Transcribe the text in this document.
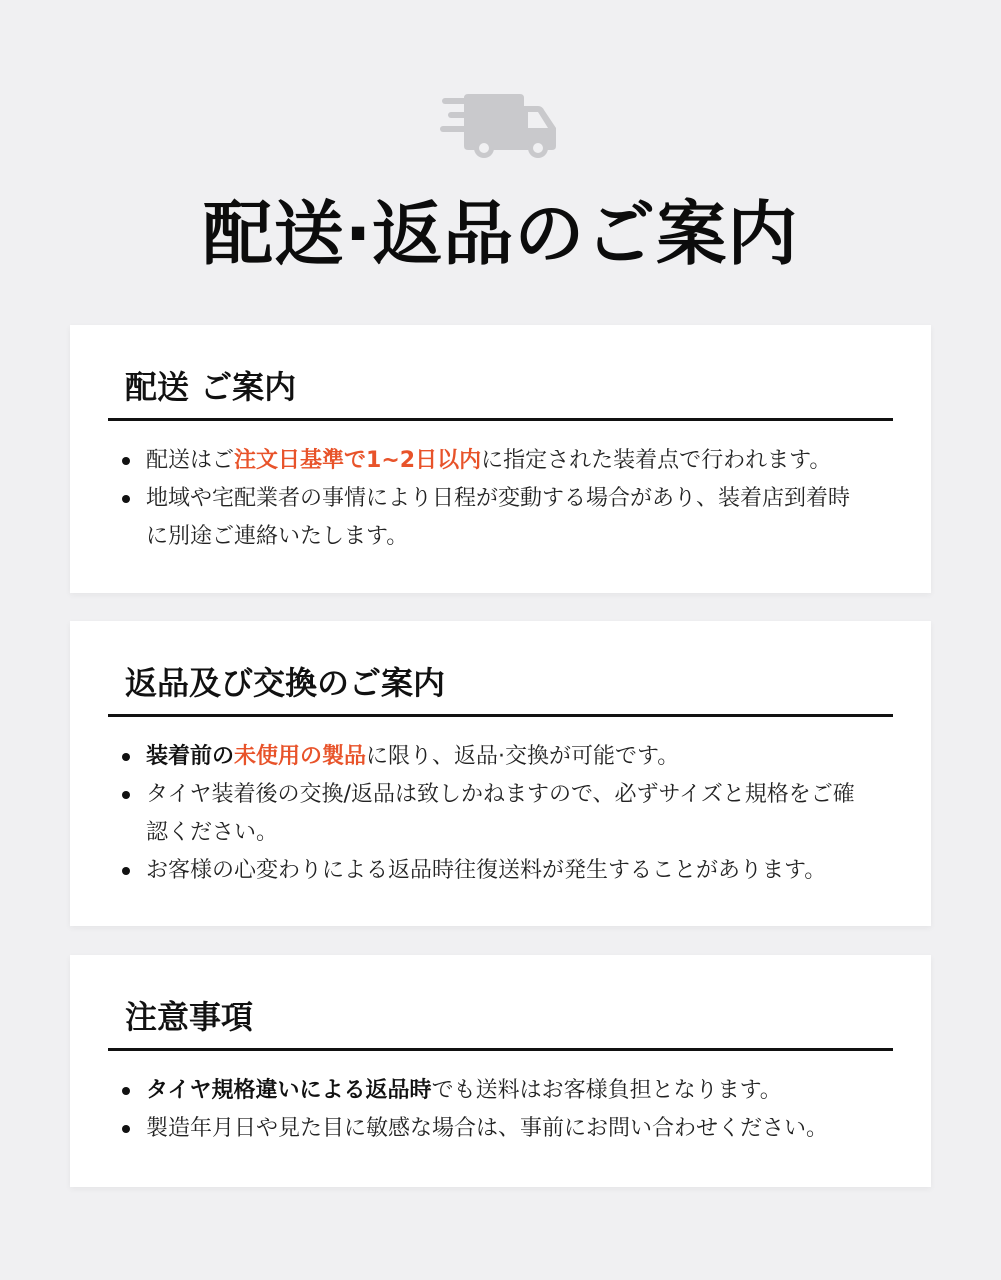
配送·返品のご案内
配送 ご案内
配送はご注文日基準で1~2日以内に指定された装着点で行われます。
地域や宅配業者の事情により日程が変動する場合があり、装着店到着時に別途ご連絡いたします。
返品及び交換のご案内
装着前の未使用の製品に限り、返品·交換が可能です。
タイヤ装着後の交換/返品は致しかねますので、必ずサイズと規格をご確認ください。
お客様の心変わりによる返品時往復送料が発生することがあります。
注意事項
タイヤ規格違いによる返品時でも送料はお客様負担となります。
製造年月日や見た目に敏感な場合は、事前にお問い合わせください。
